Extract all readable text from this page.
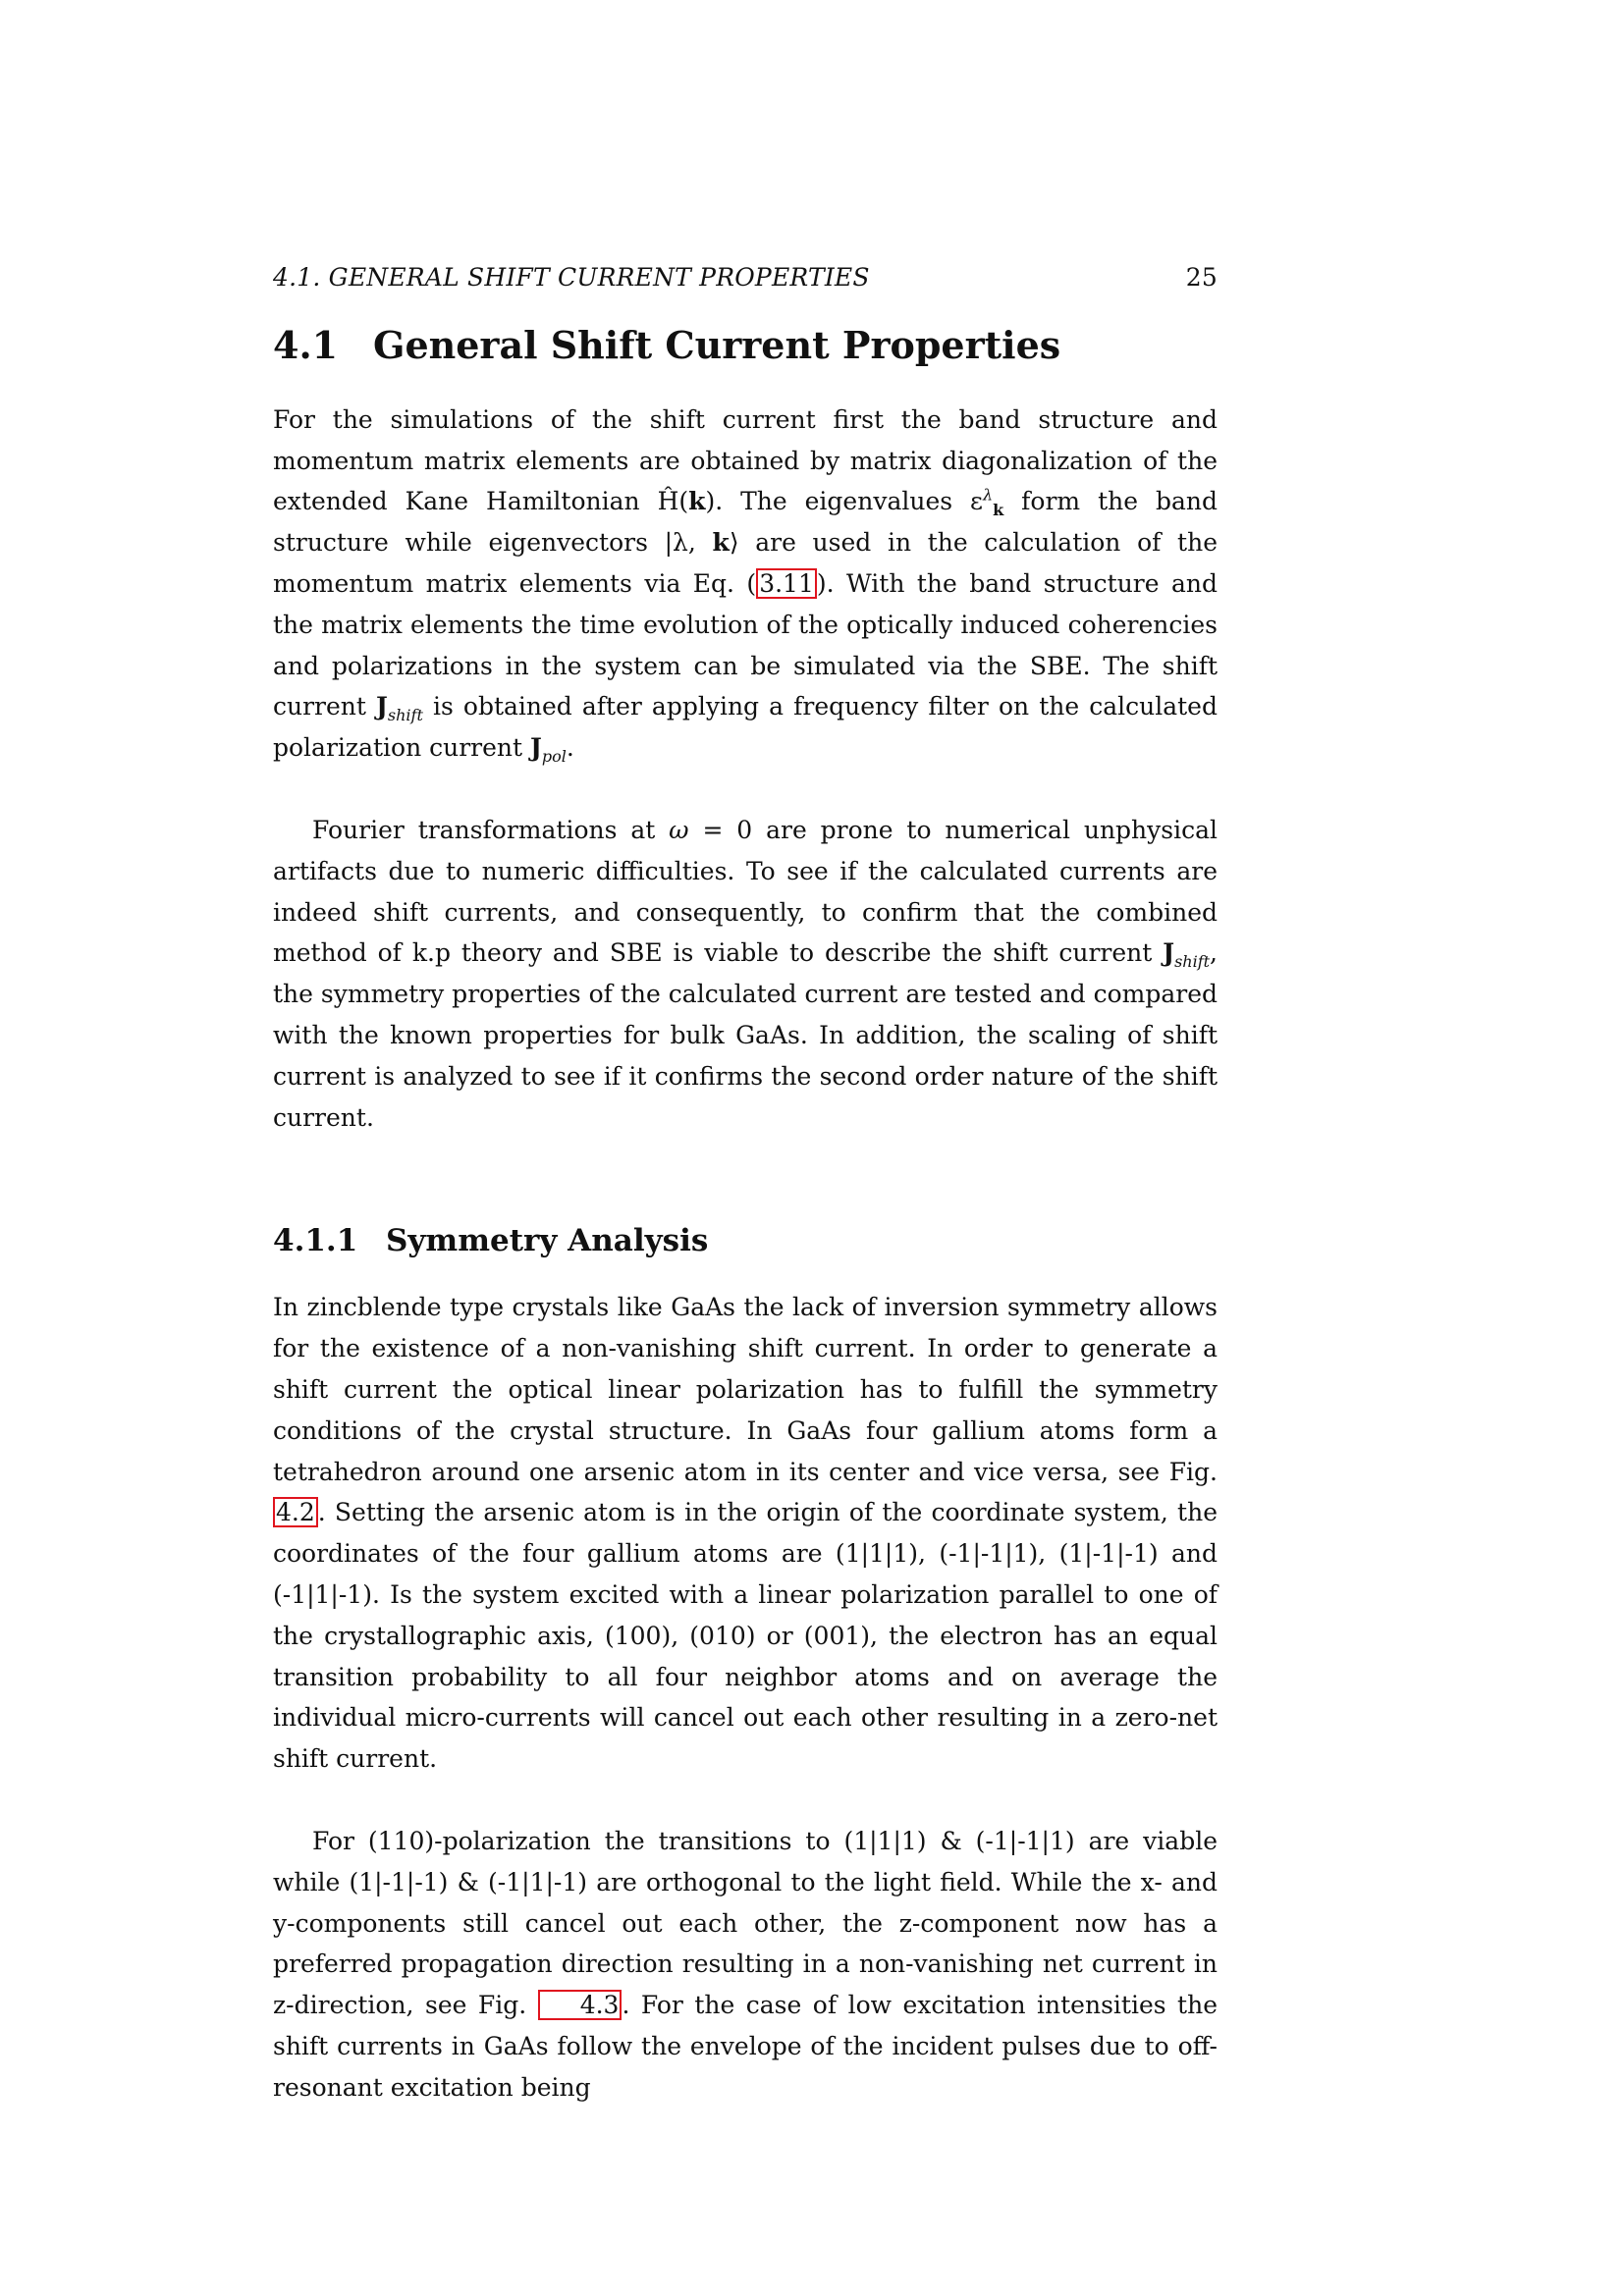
4.1. GENERAL SHIFT CURRENT PROPERTIES	25
4.1 General Shift Current Properties

For the simulations of the shift current first the band structure and momentum matrix elements are obtained by matrix diagonalization of the extended Kane Hamiltonian Ĥ(k). The eigenvalues $\varepsilon^\lambda_k$ form the band structure while eigenvectors |λ, k⟩ are used in the calculation of the momentum matrix elements via Eq. ( 3.11 ). With the band structure and the matrix elements the time evolution of the optically induced coherencies and polarizations in the system can be simulated via the SBE. The shift current $J_{shift}$ is obtained after applying a frequency filter on the calculated polarization current $J_{pol}$.

Fourier transformations at ω = 0 are prone to numerical unphysical artifacts due to numeric difficulties. To see if the calculated currents are indeed shift currents, and consequently, to confirm that the combined method of k.p theory and SBE is viable to describe the shift current $J_{shift}$, the symmetry properties of the calculated current are tested and compared with the known properties for bulk GaAs. In addition, the scaling of shift current is analyzed to see if it confirms the second order nature of the shift current.

4.1.1 Symmetry Analysis

In zincblende type crystals like GaAs the lack of inversion symmetry allows for the existence of a non-vanishing shift current. In order to generate a shift current the optical linear polarization has to fulfill the symmetry conditions of the crystal structure. In GaAs four gallium atoms form a tetrahedron around one arsenic atom in its center and vice versa, see Fig. 4.2 . Setting the arsenic atom is in the origin of the coordinate system, the coordinates of the four gallium atoms are (1|1|1), (-1|-1|1), (1|-1|-1) and (-1|1|-1). Is the system excited with a linear polarization parallel to one of the crystallographic axis, (100), (010) or (001), the electron has an equal transition probability to all four neighbor atoms and on average the individual micro-currents will cancel out each other resulting in a zero-net shift current.

For (110)-polarization the transitions to (1|1|1) & (-1|-1|1) are viable while (1|-1|-1) & (-1|1|-1) are orthogonal to the light field. While the x- and y-components still cancel out each other, the z-component now has a preferred propagation direction resulting in a non-vanishing net current in z-direction, see Fig. 4.3 . For the case of low excitation intensities the shift currents in GaAs follow the envelope of the incident pulses due to off-resonant excitation being
